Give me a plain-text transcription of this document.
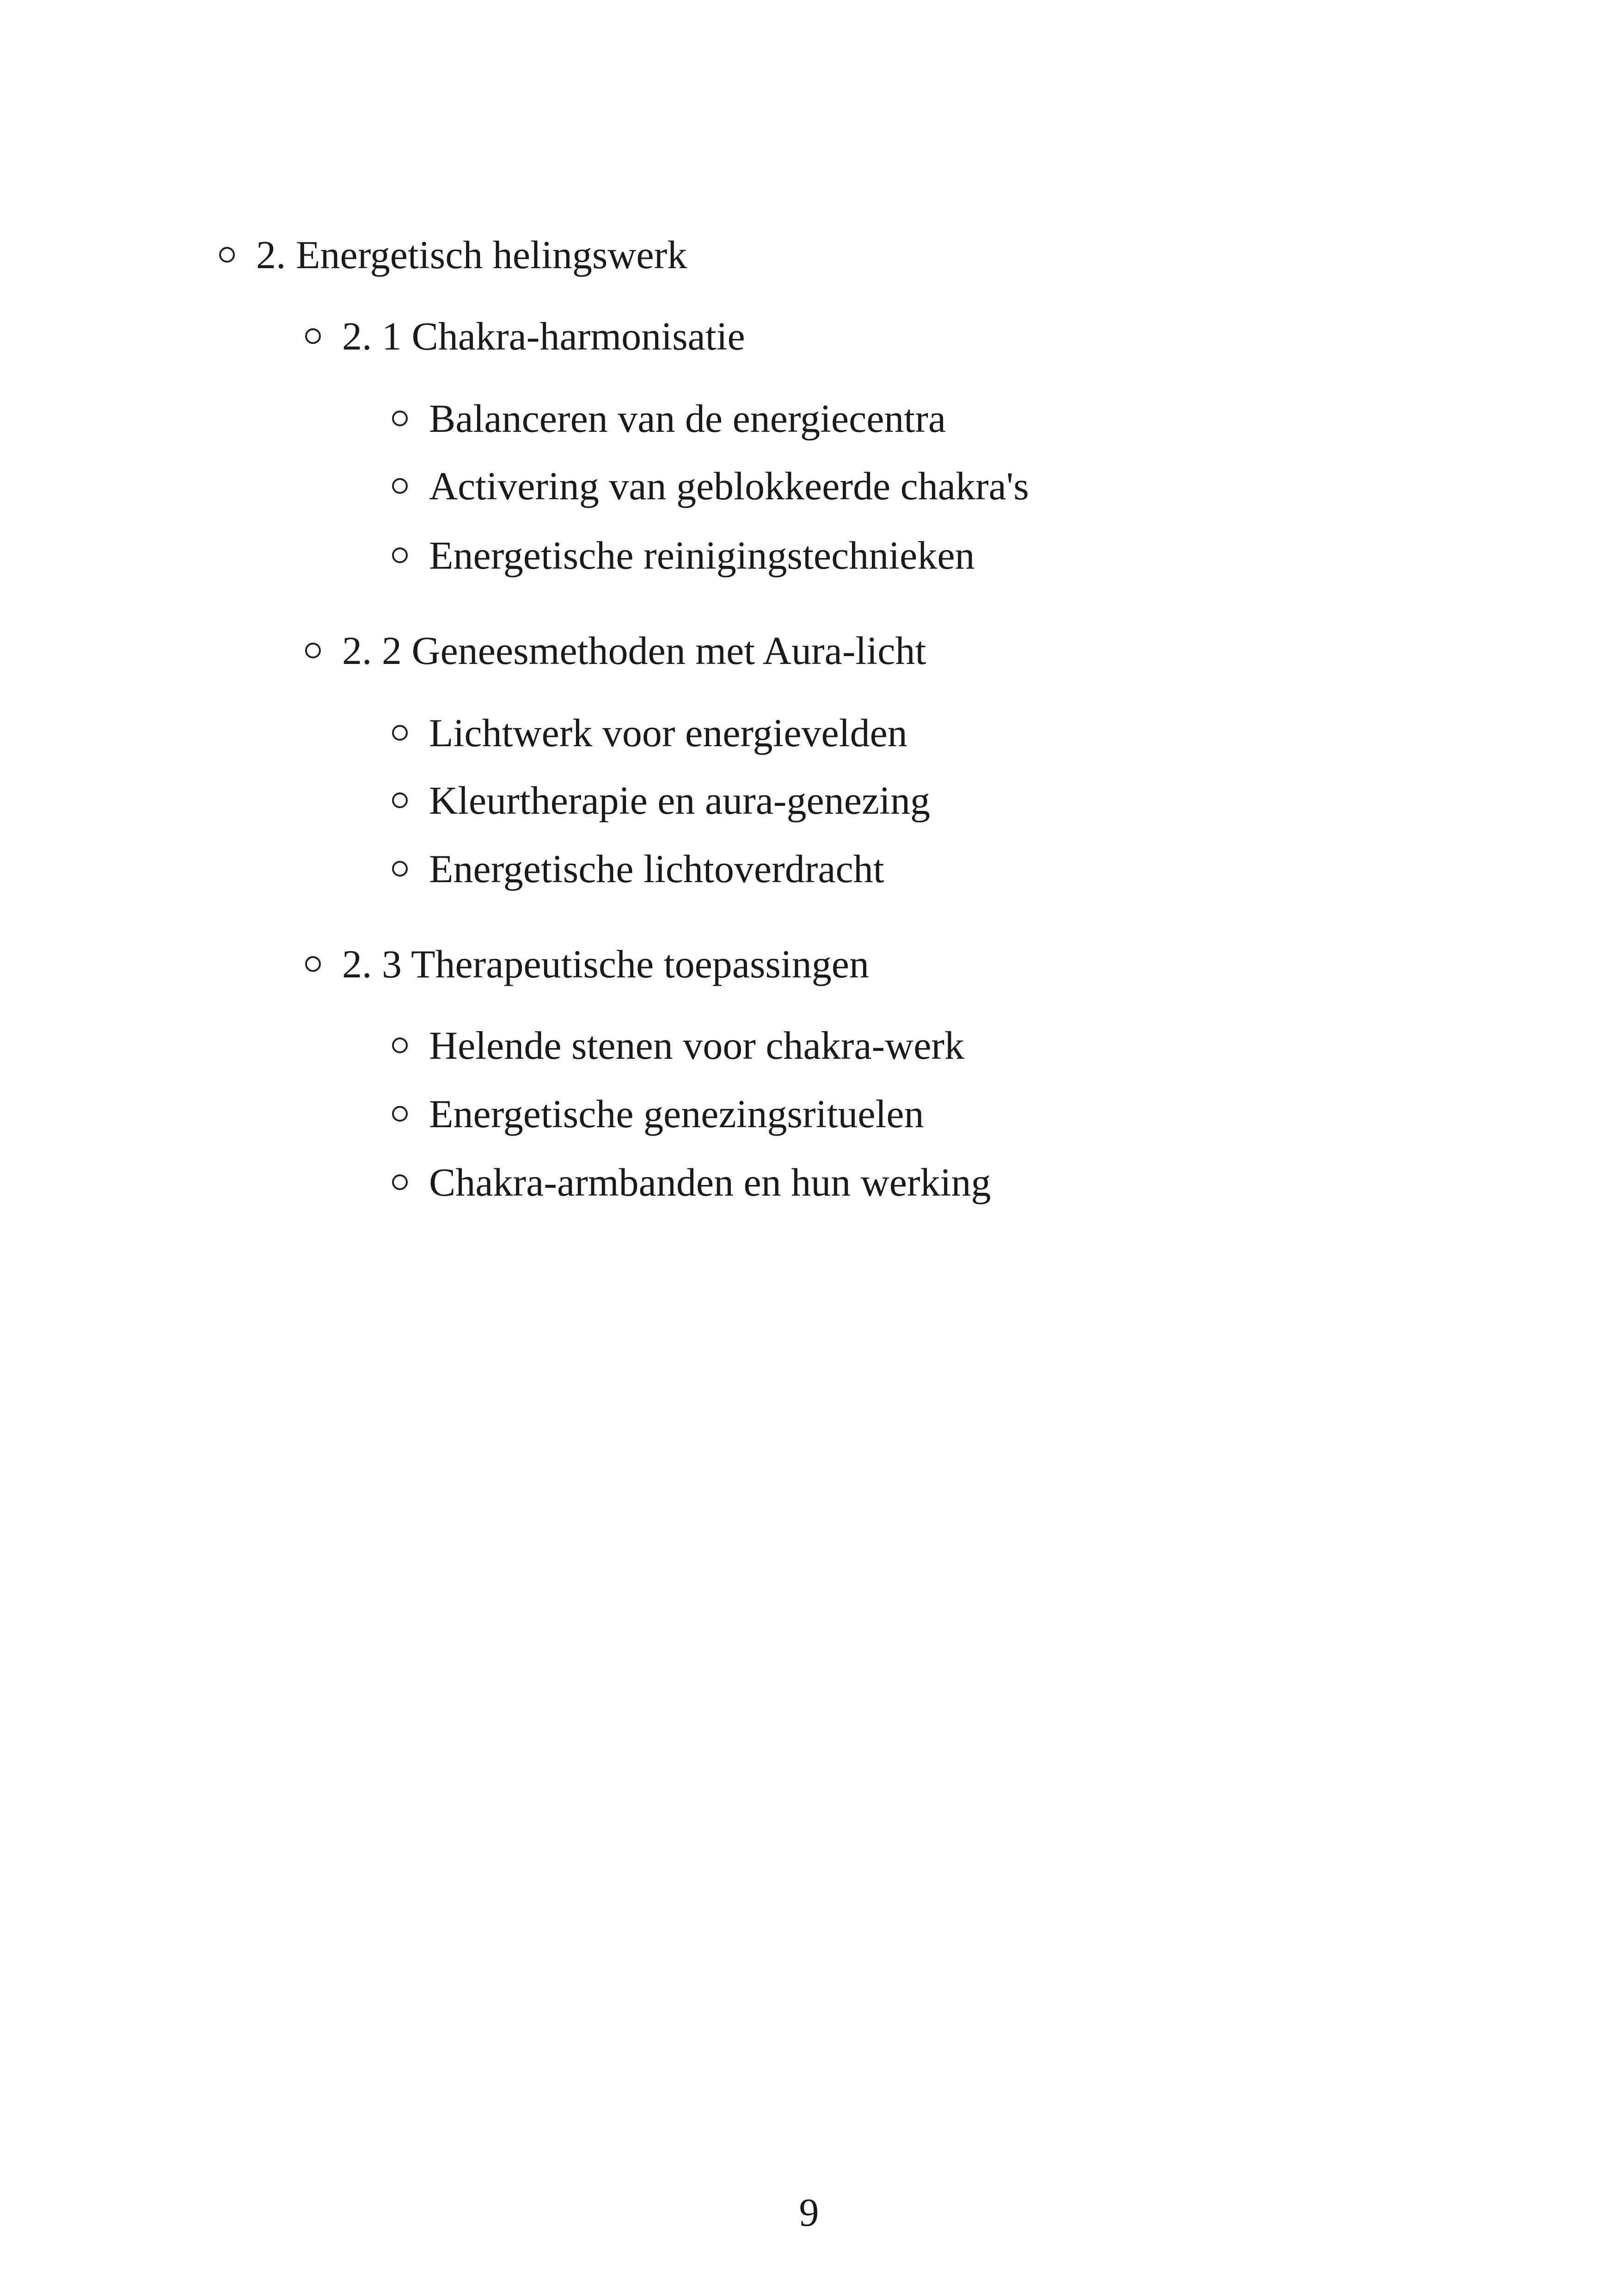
2. Energetisch helingswerk
2. 1 Chakra-harmonisatie
Balanceren van de energiecentra
Activering van geblokkeerde chakra's
Energetische reinigingstechnieken
2. 2 Geneesmethoden met Aura-licht
Lichtwerk voor energievelden
Kleurtherapie en aura-genezing
Energetische lichtoverdracht
2. 3 Therapeutische toepassingen
Helende stenen voor chakra-werk
Energetische genezingsrituelen
Chakra-armbanden en hun werking
9
